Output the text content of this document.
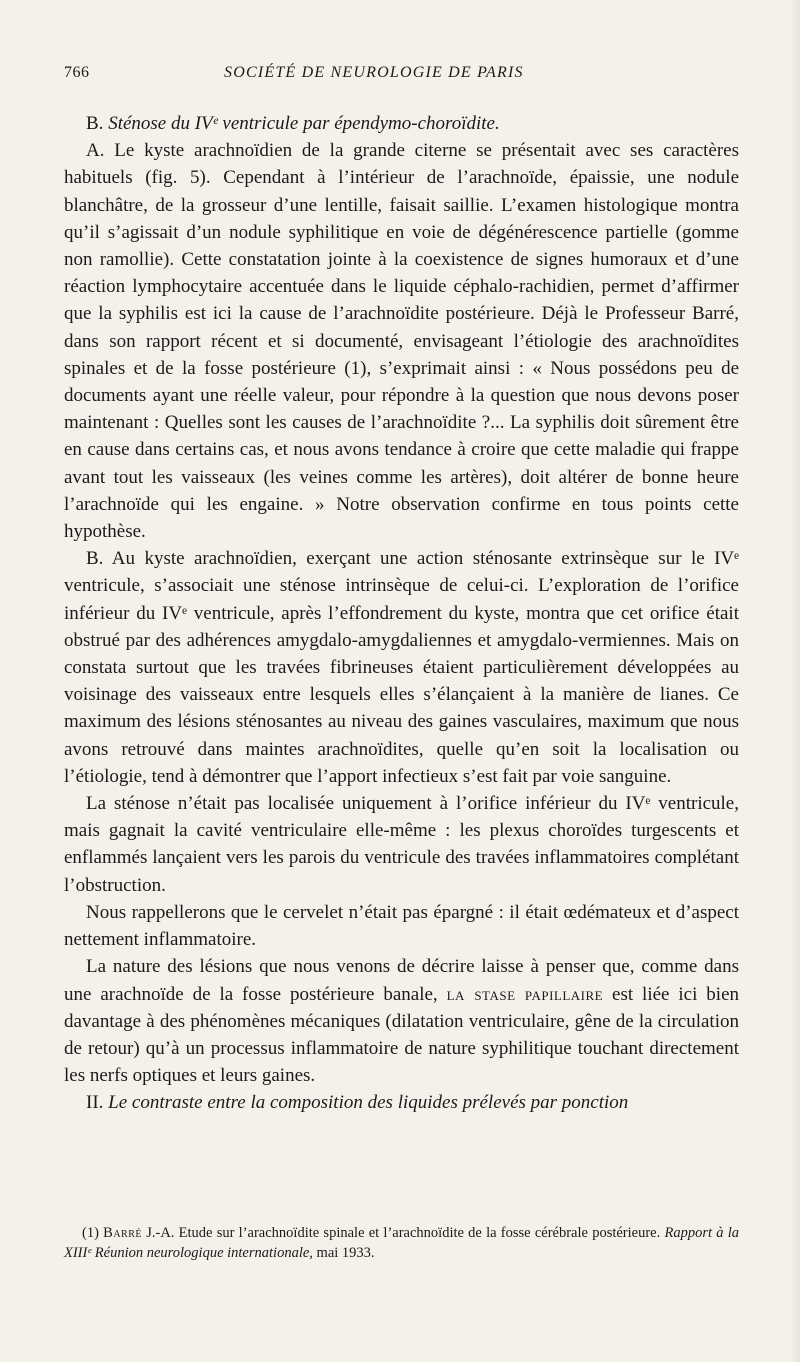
766	SOCIÉTÉ DE NEUROLOGIE DE PARIS

B. Sténose du IVᵉ ventricule par épendymo-choroïdite.

A. Le kyste arachnoïdien de la grande citerne se présentait avec ses caractères habituels (fig. 5). Cependant à l’intérieur de l’arachnoïde, épaissie, une nodule blanchâtre, de la grosseur d’une lentille, faisait saillie. L’examen histologique montra qu’il s’agissait d’un nodule syphilitique en voie de dégénérescence partielle (gomme non ramollie). Cette constatation jointe à la coexistence de signes humoraux et d’une réaction lymphocytaire accentuée dans le liquide céphalo-rachidien, permet d’affirmer que la syphilis est ici la cause de l’arachnoïdite postérieure. Déjà le Professeur Barré, dans son rapport récent et si documenté, envisageant l’étiologie des arachnoïdites spinales et de la fosse postérieure (1), s’exprimait ainsi : « Nous possédons peu de documents ayant une réelle valeur, pour répondre à la question que nous devons poser maintenant : Quelles sont les causes de l’arachnoïdite ?... La syphilis doit sûrement être en cause dans certains cas, et nous avons tendance à croire que cette maladie qui frappe avant tout les vaisseaux (les veines comme les artères), doit altérer de bonne heure l’arachnoïde qui les engaine. » Notre observation confirme en tous points cette hypothèse.

B. Au kyste arachnoïdien, exerçant une action sténosante extrinsèque sur le IVᵉ ventricule, s’associait une sténose intrinsèque de celui-ci. L’exploration de l’orifice inférieur du IVᵉ ventricule, après l’effondrement du kyste, montra que cet orifice était obstrué par des adhérences amygdalo-amygdaliennes et amygdalo-vermiennes. Mais on constata surtout que les travées fibrineuses étaient particulièrement développées au voisinage des vaisseaux entre lesquels elles s’élançaient à la manière de lianes. Ce maximum des lésions sténosantes au niveau des gaines vasculaires, maximum que nous avons retrouvé dans maintes arachnoïdites, quelle qu’en soit la localisation ou l’étiologie, tend à démontrer que l’apport infectieux s’est fait par voie sanguine.

La sténose n’était pas localisée uniquement à l’orifice inférieur du IVᵉ ventricule, mais gagnait la cavité ventriculaire elle-même : les plexus choroïdes turgescents et enflammés lançaient vers les parois du ventricule des travées inflammatoires complétant l’obstruction.

Nous rappellerons que le cervelet n’était pas épargné : il était œdémateux et d’aspect nettement inflammatoire.

La nature des lésions que nous venons de décrire laisse à penser que, comme dans une arachnoïde de la fosse postérieure banale, la stase papillaire est liée ici bien davantage à des phénomènes mécaniques (dilatation ventriculaire, gêne de la circulation de retour) qu’à un processus inflammatoire de nature syphilitique touchant directement les nerfs optiques et leurs gaines.

II. Le contraste entre la composition des liquides prélevés par ponction

(1) Barré J.-A. Etude sur l’arachnoïdite spinale et l’arachnoïdite de la fosse cérébrale postérieure. Rapport à la XIIIᵉ Réunion neurologique internationale, mai 1933.
